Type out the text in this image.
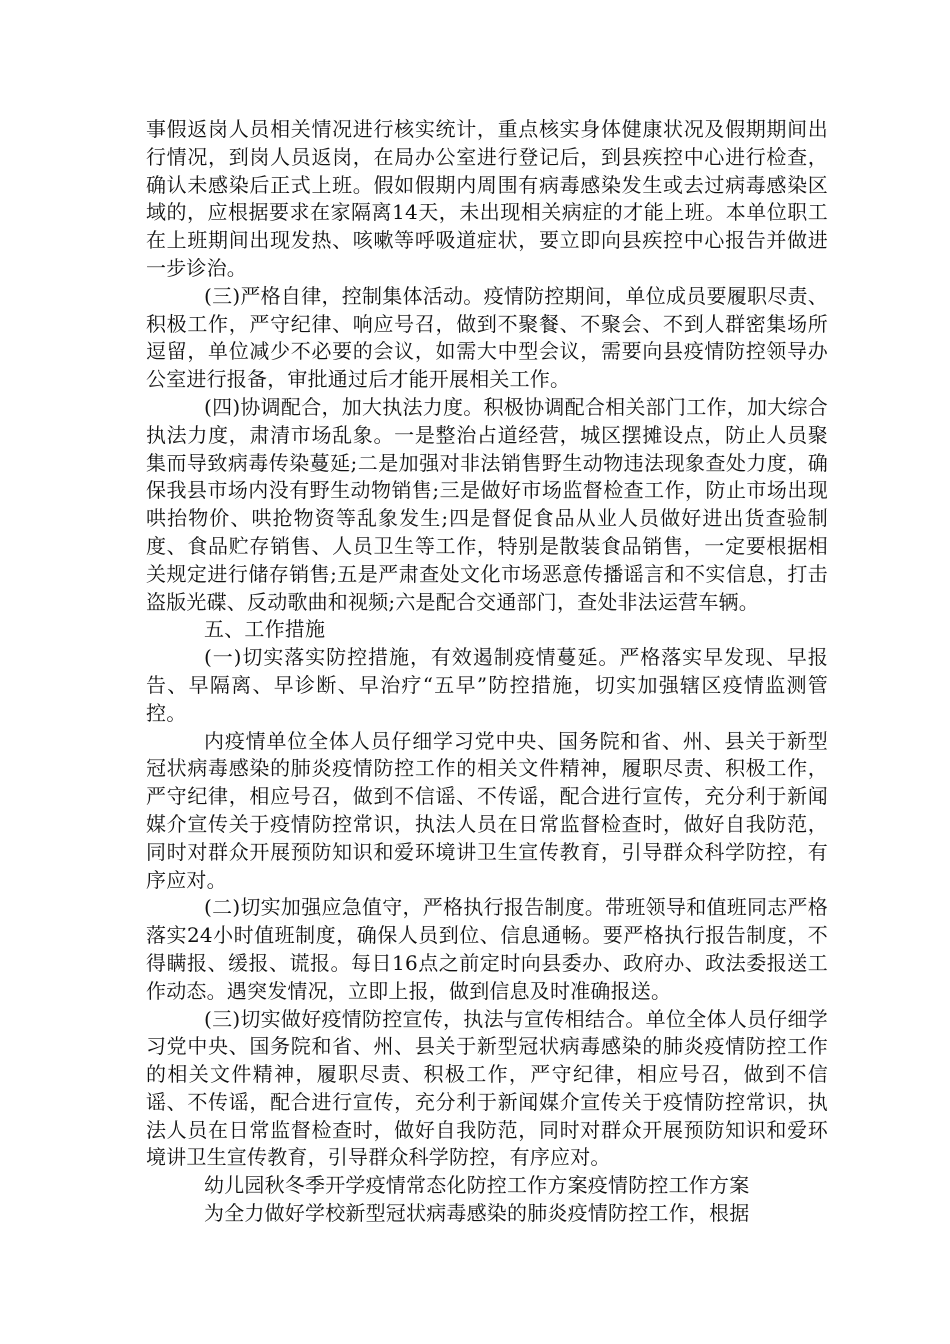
事假返岗人员相关情况进行核实统计，重点核实身体健康状况及假期期间出行情况，到岗人员返岗，在局办公室进行登记后，到县疾控中心进行检查，确认未感染后正式上班。假如假期内周围有病毒感染发生或去过病毒感染区域的，应根据要求在家隔离14天，未出现相关病症的才能上班。本单位职工在上班期间出现发热、咳嗽等呼吸道症状，要立即向县疾控中心报告并做进一步诊治。

(三)严格自律，控制集体活动。疫情防控期间，单位成员要履职尽责、积极工作，严守纪律、响应号召，做到不聚餐、不聚会、不到人群密集场所逗留，单位减少不必要的会议，如需大中型会议，需要向县疫情防控领导办公室进行报备，审批通过后才能开展相关工作。

(四)协调配合，加大执法力度。积极协调配合相关部门工作，加大综合执法力度，肃清市场乱象。一是整治占道经营，城区摆摊设点，防止人员聚集而导致病毒传染蔓延;二是加强对非法销售野生动物违法现象查处力度，确保我县市场内没有野生动物销售;三是做好市场监督检查工作，防止市场出现哄抬物价、哄抢物资等乱象发生;四是督促食品从业人员做好进出货查验制度、食品贮存销售、人员卫生等工作，特别是散装食品销售，一定要根据相关规定进行储存销售;五是严肃查处文化市场恶意传播谣言和不实信息，打击盗版光碟、反动歌曲和视频;六是配合交通部门，查处非法运营车辆。

五、工作措施

(一)切实落实防控措施，有效遏制疫情蔓延。严格落实早发现、早报告、早隔离、早诊断、早治疗“五早”防控措施，切实加强辖区疫情监测管控。

内疫情单位全体人员仔细学习党中央、国务院和省、州、县关于新型冠状病毒感染的肺炎疫情防控工作的相关文件精神，履职尽责、积极工作，严守纪律，相应号召，做到不信谣、不传谣，配合进行宣传，充分利于新闻媒介宣传关于疫情防控常识，执法人员在日常监督检查时，做好自我防范，同时对群众开展预防知识和爱环境讲卫生宣传教育，引导群众科学防控，有序应对。

(二)切实加强应急值守，严格执行报告制度。带班领导和值班同志严格落实24小时值班制度，确保人员到位、信息通畅。要严格执行报告制度，不得瞒报、缓报、谎报。每日16点之前定时向县委办、政府办、政法委报送工作动态。遇突发情况，立即上报，做到信息及时准确报送。

(三)切实做好疫情防控宣传，执法与宣传相结合。单位全体人员仔细学习党中央、国务院和省、州、县关于新型冠状病毒感染的肺炎疫情防控工作的相关文件精神，履职尽责、积极工作，严守纪律，相应号召，做到不信谣、不传谣，配合进行宣传，充分利于新闻媒介宣传关于疫情防控常识，执法人员在日常监督检查时，做好自我防范，同时对群众开展预防知识和爱环境讲卫生宣传教育，引导群众科学防控，有序应对。

幼儿园秋冬季开学疫情常态化防控工作方案疫情防控工作方案

为全力做好学校新型冠状病毒感染的肺炎疫情防控工作，根据
